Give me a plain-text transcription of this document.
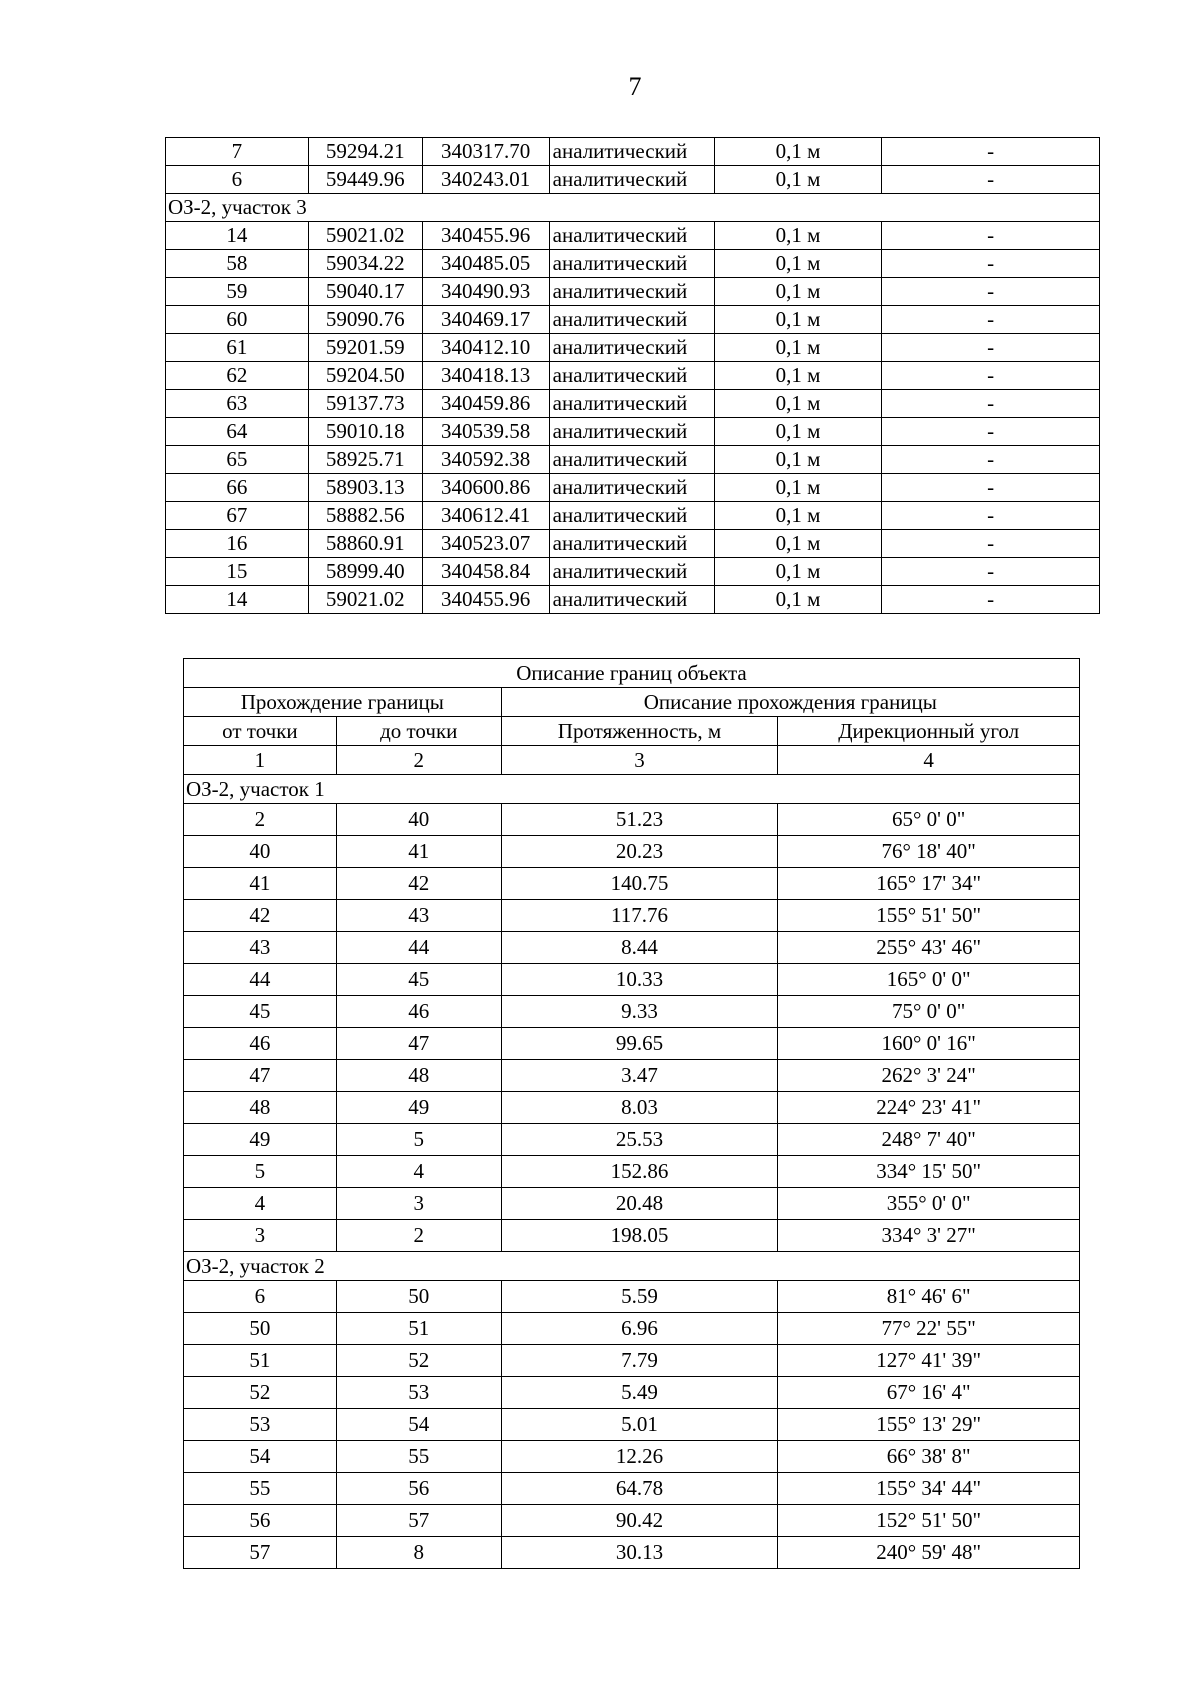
7
7	59294.21	340317.70	аналитический	0,1 м	-
6	59449.96	340243.01	аналитический	0,1 м	-
ОЗ-2, участок 3					
14	59021.02	340455.96	аналитический	0,1 м	-
58	59034.22	340485.05	аналитический	0,1 м	-
59	59040.17	340490.93	аналитический	0,1 м	-
60	59090.76	340469.17	аналитический	0,1 м	-
61	59201.59	340412.10	аналитический	0,1 м	-
62	59204.50	340418.13	аналитический	0,1 м	-
63	59137.73	340459.86	аналитический	0,1 м	-
64	59010.18	340539.58	аналитический	0,1 м	-
65	58925.71	340592.38	аналитический	0,1 м	-
66	58903.13	340600.86	аналитический	0,1 м	-
67	58882.56	340612.41	аналитический	0,1 м	-
16	58860.91	340523.07	аналитический	0,1 м	-
15	58999.40	340458.84	аналитический	0,1 м	-
14	59021.02	340455.96	аналитический	0,1 м	-
Описание границ объекта			
Прохождение границы		Описание прохождения границы	
от точки	до точки	Протяженность, м	Дирекционный угол
1	2	3	4
ОЗ-2, участок 1			
2	40	51.23	65° 0' 0"
40	41	20.23	76° 18' 40"
41	42	140.75	165° 17' 34"
42	43	117.76	155° 51' 50"
43	44	8.44	255° 43' 46"
44	45	10.33	165° 0' 0"
45	46	9.33	75° 0' 0"
46	47	99.65	160° 0' 16"
47	48	3.47	262° 3' 24"
48	49	8.03	224° 23' 41"
49	5	25.53	248° 7' 40"
5	4	152.86	334° 15' 50"
4	3	20.48	355° 0' 0"
3	2	198.05	334° 3' 27"
ОЗ-2, участок 2			
6	50	5.59	81° 46' 6"
50	51	6.96	77° 22' 55"
51	52	7.79	127° 41' 39"
52	53	5.49	67° 16' 4"
53	54	5.01	155° 13' 29"
54	55	12.26	66° 38' 8"
55	56	64.78	155° 34' 44"
56	57	90.42	152° 51' 50"
57	8	30.13	240° 59' 48"
